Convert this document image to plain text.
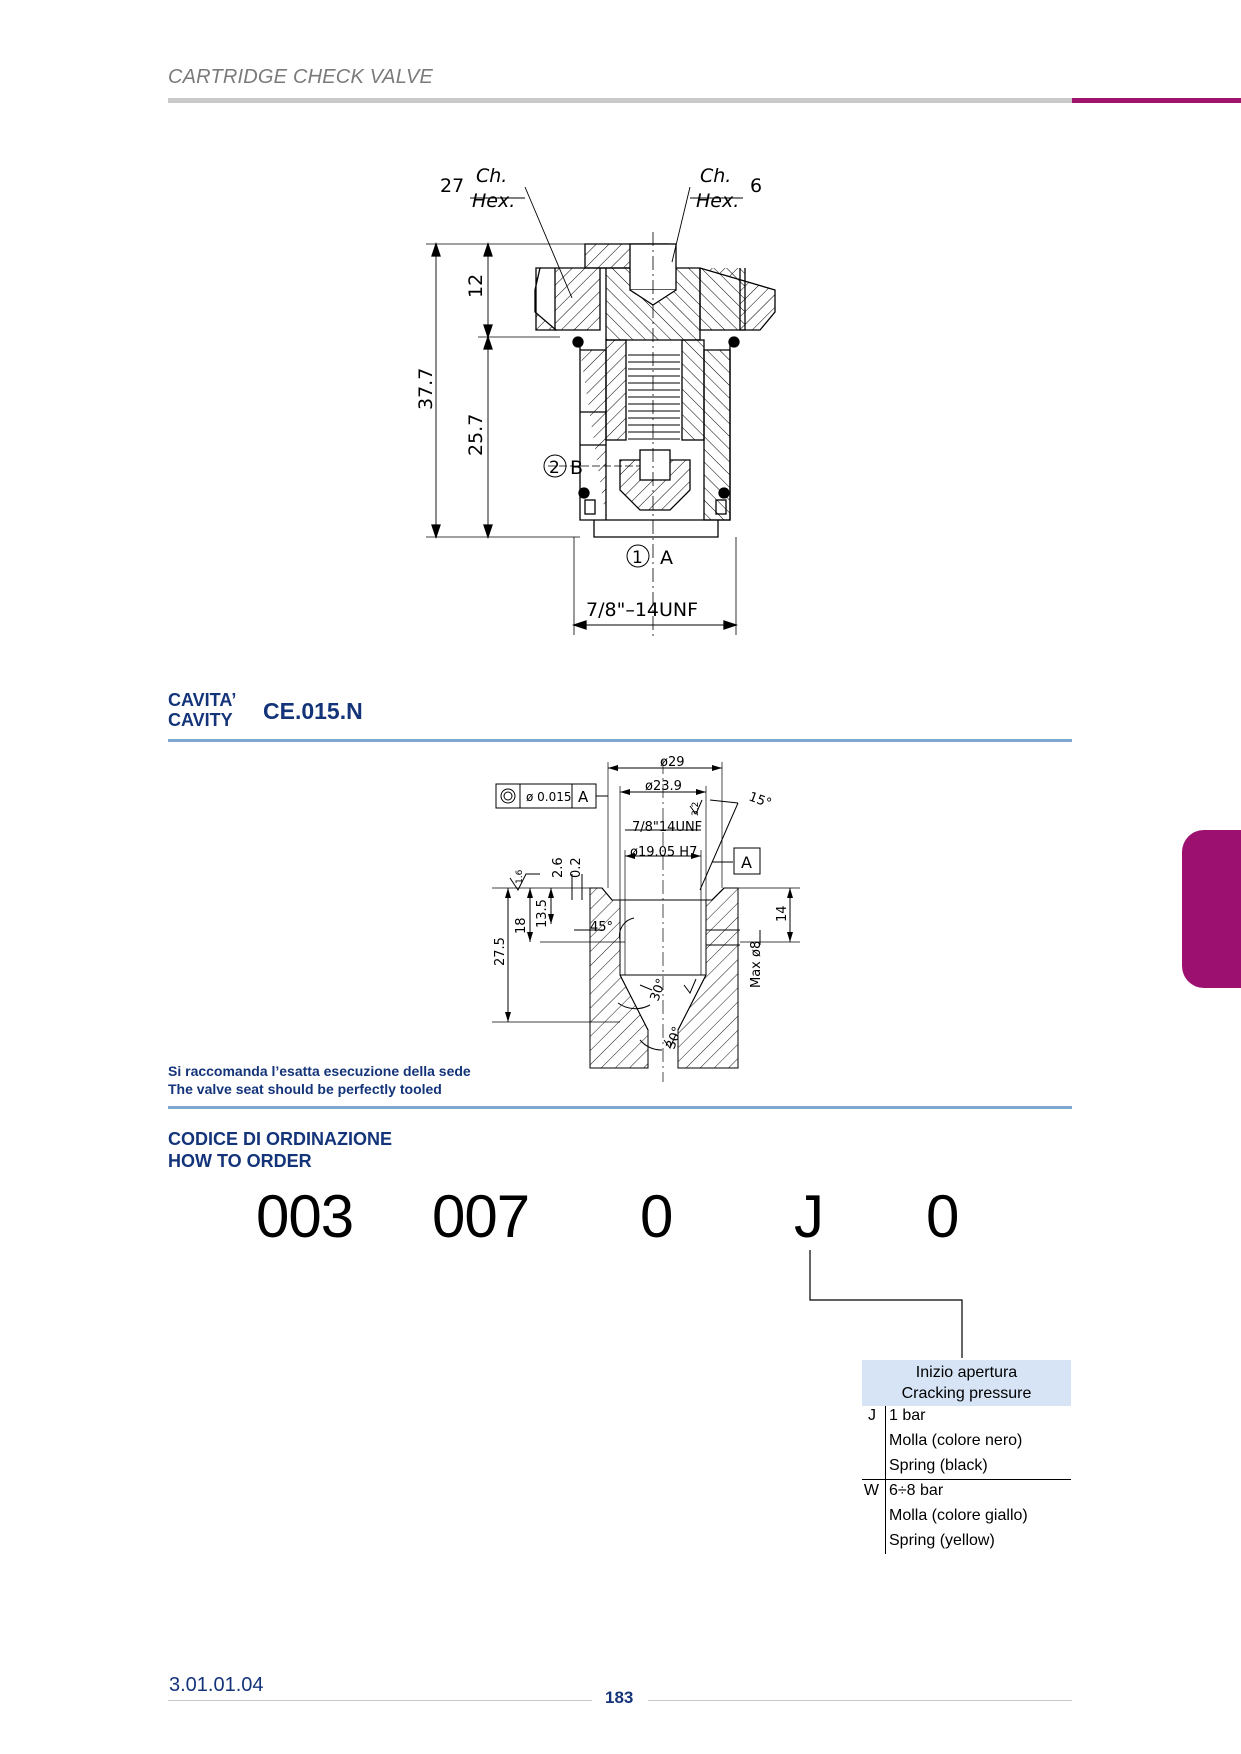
CARTRIDGE CHECK VALVE
27 Ch.
Hex.
Ch.
Hex.
6
37.7
12
25.7
2 B
1 A
7/8"–14UNF
CAVITA’
CAVITY CE.015.N
ø 0.015 A
ø29
ø23.9
7/8"14UNF
ø19.05 H7
A
15°
45°
30°
30°
2.6 0.2
13.5
18
27.5
14
Max ø8
1.6
3.2
Si raccomanda l’esatta esecuzione della sede
The valve seat should be perfectly tooled
CODICE DI ORDINAZIONE
HOW TO ORDER
003 007 0 J 0
Inizio apertura
Cracking pressure
J 1 bar
Molla (colore nero)
Spring (black)
W 6÷8 bar
Molla (colore giallo)
Spring (yellow)
3.01.01.04
183
